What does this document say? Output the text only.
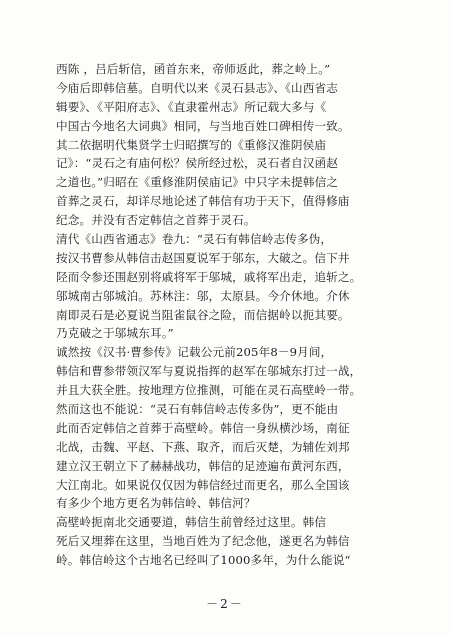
西陈 ，吕后斩信，函首东来，帝师返此，葬之岭上。”
今庙后即韩信墓。自明代以来《灵石县志》、《山西省志
辑要》、《平阳府志》、《直隶霍州志》所记载大多与《
中国古今地名大词典》相同，与当地百姓口碑相传一致。
其二依据明代集贤学士归昭撰写的《重修汉淮阴侯庙
记》：“灵石之有庙何松？侯所经过松，灵石者自汉函赵
之道也。”归昭在《重修淮阴侯庙记》中只字未提韩信之
首葬之灵石，却详尽地论述了韩信有功于天下，值得修庙
纪念。并没有否定韩信之首葬于灵石。
清代《山西省通志》卷九：“灵石有韩信岭志传多伪，
按汉书曹参从韩信击赵国夏说军于邬东，大破之。信下井
陉而令参还围赵别将戚将军于邬城，戚将军出走，追斩之。
邬城南古邬城泊。苏林注：邬，太原县。今介休地。介休
南即灵石是必夏说当阻雀鼠谷之险，而信据岭以扼其要。
乃克破之于邬城东耳。”
诚然按《汉书·曹参传》记载公元前205年8－9月间，
韩信和曹参带领汉军与夏说指挥的赵军在邬城东打过一战，
并且大获全胜。按地理方位推测，可能在灵石高壁岭一带。
然而这也不能说：“灵石有韩信岭志传多伪”，更不能由
此而否定韩信之首葬于高壁岭。韩信一身纵横沙场，南征
北战，击魏、平赵、下燕、取齐，而后灭楚，为辅佐刘邦
建立汉王朝立下了赫赫战功，韩信的足迹遍布黄河东西，
大江南北。如果说仅仅因为韩信经过而更名，那么全国该
有多少个地方更名为韩信岭、韩信河？
高壁岭扼南北交通要道，韩信生前曾经过这里。韩信
死后又埋葬在这里，当地百姓为了纪念他，遂更名为韩信
岭。韩信岭这个古地名已经叫了1000多年，为什么能说“
－2－
